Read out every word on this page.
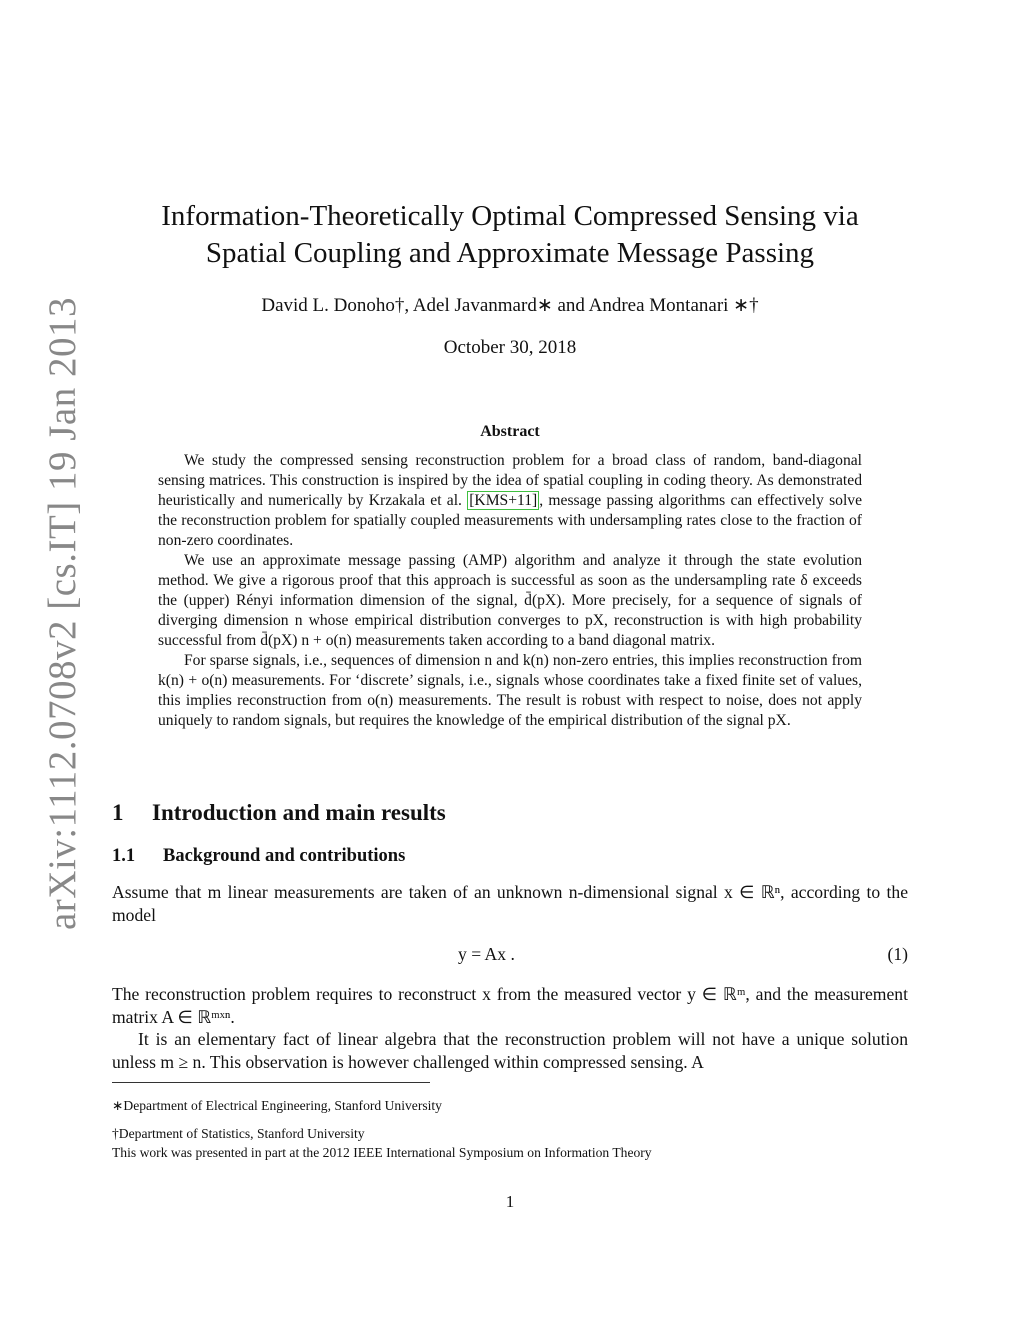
arXiv:1112.0708v2 [cs.IT] 19 Jan 2013
Information-Theoretically Optimal Compressed Sensing via
Spatial Coupling and Approximate Message Passing
David L. Donoho†, Adel Javanmard∗ and Andrea Montanari ∗†
October 30, 2018
Abstract

We study the compressed sensing reconstruction problem for a broad class of random, band-diagonal sensing matrices. This construction is inspired by the idea of spatial coupling in coding theory. As demonstrated heuristically and numerically by Krzakala et al. [KMS+11] , message passing algorithms can effectively solve the reconstruction problem for spatially coupled measurements with undersampling rates close to the fraction of non-zero coordinates.

We use an approximate message passing (AMP) algorithm and analyze it through the state evolution method. We give a rigorous proof that this approach is successful as soon as the undersampling rate δ exceeds the (upper) Rényi information dimension of the signal, d̄(pX). More precisely, for a sequence of signals of diverging dimension n whose empirical distribution converges to pX, reconstruction is with high probability successful from d̄(pX) n + o(n) measurements taken according to a band diagonal matrix.

For sparse signals, i.e., sequences of dimension n and k(n) non-zero entries, this implies reconstruction from k(n) + o(n) measurements. For ‘discrete’ signals, i.e., signals whose coordinates take a fixed finite set of values, this implies reconstruction from o(n) measurements. The result is robust with respect to noise, does not apply uniquely to random signals, but requires the knowledge of the empirical distribution of the signal pX.

1 Introduction and main results
1.1 Background and contributions

Assume that m linear measurements are taken of an unknown n-dimensional signal x ∈ ℝⁿ, according to the model

y = Ax .	(1)

The reconstruction problem requires to reconstruct x from the measured vector y ∈ ℝᵐ, and the measurement matrix A ∈ ℝᵐˣⁿ.

It is an elementary fact of linear algebra that the reconstruction problem will not have a unique solution unless m ≥ n. This observation is however challenged within compressed sensing. A

∗Department of Electrical Engineering, Stanford University
†Department of Statistics, Stanford University
This work was presented in part at the 2012 IEEE International Symposium on Information Theory
1
